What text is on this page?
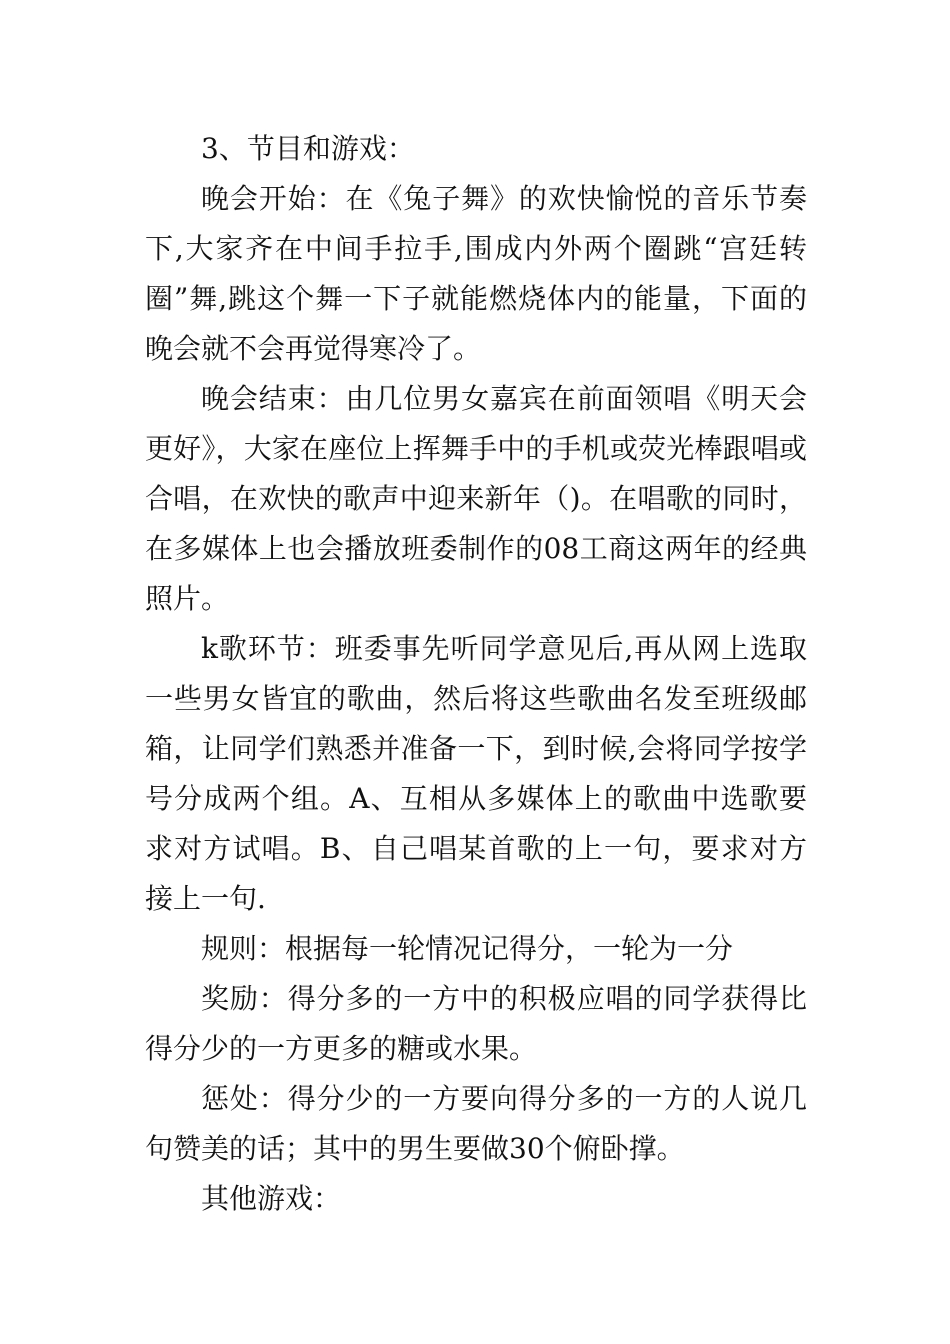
3、节目和游戏：

晚会开始：在《兔子舞》的欢快愉悦的音乐节奏下,大家齐在中间手拉手,围成内外两个圈跳“宫廷转圈”舞,跳这个舞一下子就能燃烧体内的能量，下面的晚会就不会再觉得寒冷了。

晚会结束：由几位男女嘉宾在前面领唱《明天会更好》，大家在座位上挥舞手中的手机或荧光棒跟唱或合唱，在欢快的歌声中迎来新年（)。在唱歌的同时，在多媒体上也会播放班委制作的08工商这两年的经典照片。

k歌环节：班委事先听同学意见后,再从网上选取一些男女皆宜的歌曲，然后将这些歌曲名发至班级邮箱，让同学们熟悉并准备一下，到时候,会将同学按学号分成两个组。A、互相从多媒体上的歌曲中选歌要求对方试唱。B、自己唱某首歌的上一句，要求对方接上一句.

规则：根据每一轮情况记得分，一轮为一分

奖励：得分多的一方中的积极应唱的同学获得比得分少的一方更多的糖或水果。

惩处：得分少的一方要向得分多的一方的人说几句赞美的话；其中的男生要做30个俯卧撑。

其他游戏：
